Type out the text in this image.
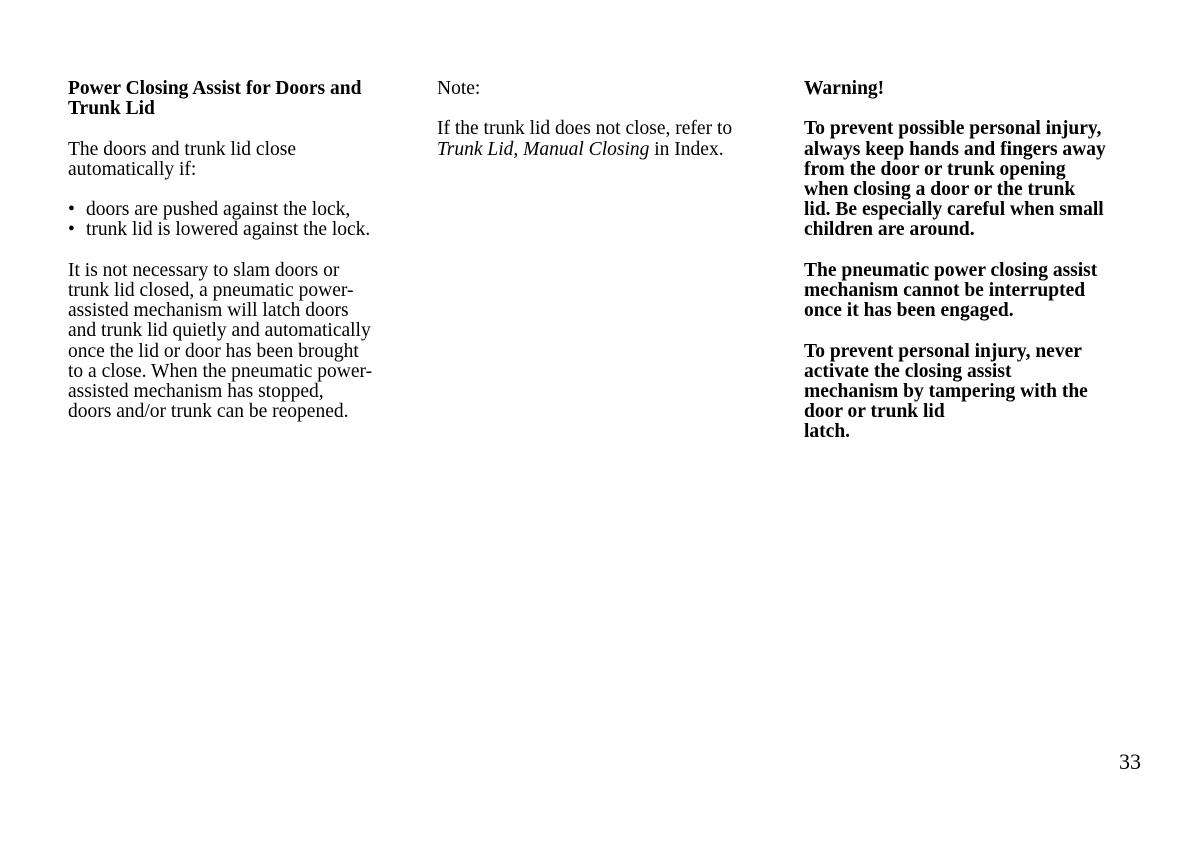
Power Closing Assist for Doors and
Trunk Lid
The doors and trunk lid close
automatically if:
• doors are pushed against the lock,
• trunk lid is lowered against the lock.
It is not necessary to slam doors or
trunk lid closed, a pneumatic power-
assisted mechanism will latch doors
and trunk lid quietly and automatically
once the lid or door has been brought
to a close. When the pneumatic power-
assisted mechanism has stopped,
doors and/or trunk can be reopened.
Note:
If the trunk lid does not close, refer to
Trunk Lid, Manual Closing in Index.
Warning!
To prevent possible personal injury,
always keep hands and fingers away
from the door or trunk opening
when closing a door or the trunk
lid. Be especially careful when small
children are around.
The pneumatic power closing assist
mechanism cannot be interrupted
once it has been engaged.
To prevent personal injury, never
activate the closing assist
mechanism by tampering with the
door or trunk lid
latch.
33
